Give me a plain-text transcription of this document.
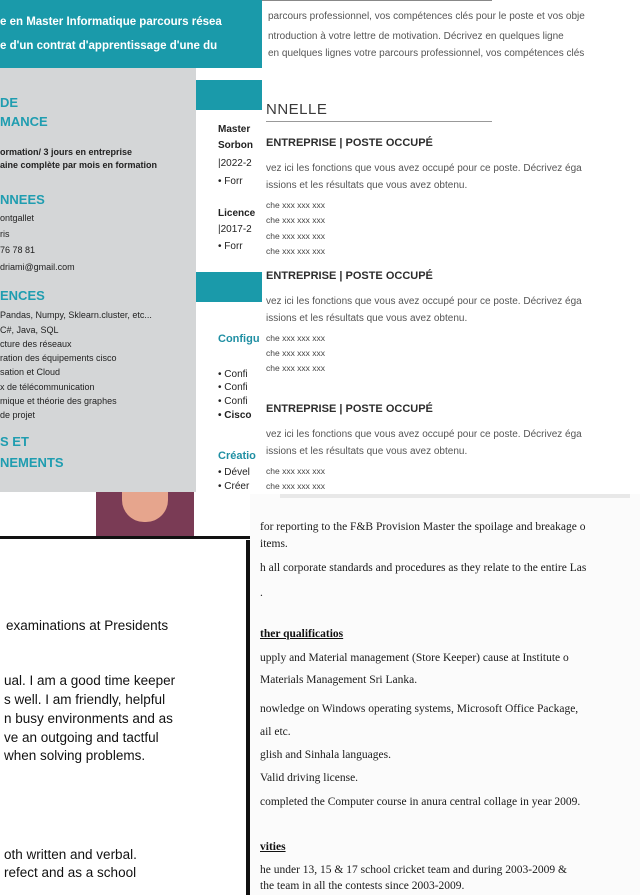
e en Master Informatique parcours résea
e d'un contrat d'apprentissage d'une du
DE
MANCE
ormation/ 3 jours en entreprise
aine complète par mois en formation
NNEES
ontgallet
ris
76 78 81
driami@gmail.com
ENCES
Pandas, Numpy, Sklearn.cluster, etc...
C#, Java, SQL
cture des réseaux
ration des équipements cisco
sation et Cloud
x de télécommunication
mique et théorie des graphes
de projet
S ET
NEMENTS
Master
Sorbon
|2022-2
• Forr
Licence
|2017-2
• Forr
Configu
• Confi
• Confi
• Confi
• Cisco
Créatio
• Dével
• Créer
parcours professionnel, vos compétences clés pour le poste et vos obje
ntroduction à votre lettre de motivation. Décrivez en quelques ligne
en quelques lignes votre parcours professionnel, vos compétences clés
NNELLE
ENTREPRISE | POSTE OCCUPÉ
vez ici les fonctions que vous avez occupé pour ce poste. Décrivez éga
issions et les résultats que vous avez obtenu.
che xxx xxx xxx
che xxx xxx xxx
che xxx xxx xxx
che xxx xxx xxx
ENTREPRISE | POSTE OCCUPÉ
vez ici les fonctions que vous avez occupé pour ce poste. Décrivez éga
issions et les résultats que vous avez obtenu.
che xxx xxx xxx
che xxx xxx xxx
che xxx xxx xxx
ENTREPRISE | POSTE OCCUPÉ
vez ici les fonctions que vous avez occupé pour ce poste. Décrivez éga
issions et les résultats que vous avez obtenu.
che xxx xxx xxx
che xxx xxx xxx
examinations at Presidents
ual. I am a good time keeper
s well. I am friendly, helpful
n busy environments and as
ve an outgoing and tactful
when solving problems.
oth written and verbal.
refect and as a school
for reporting to the F&B Provision Master the spoilage and breakage o
items.
h all corporate standards and procedures as they relate to the entire Las
.
ther qualificatios
upply and Material management (Store Keeper) cause at Institute o
Materials Management Sri Lanka.
nowledge on Windows operating systems, Microsoft Office Package,
ail etc.
glish and Sinhala languages.
Valid driving license.
completed the Computer course in anura central collage in year 2009.
vities
he under 13, 15 & 17 school cricket team and during 2003-2009 &
the team in all the contests since 2003-2009.
